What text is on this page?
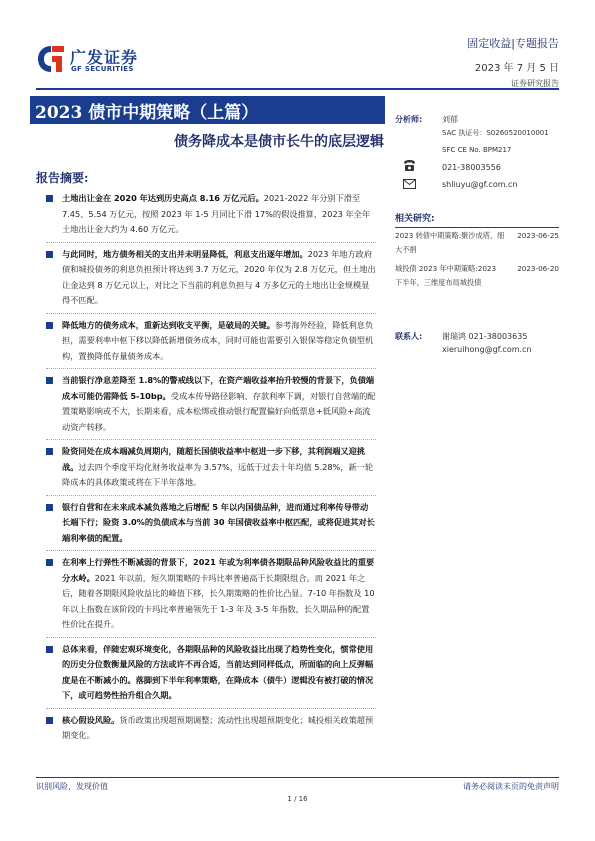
广发证券
GF SECURITIES
固定收益|专题报告
2023 年 7 月 5 日
证券研究报告
2023 债市中期策略（上篇）
债务降成本是债市长牛的底层逻辑
报告摘要:
土地出让金在 2020 年达到历史高点 8.16 万亿元后。2021-2022 年分别下滑至 7.45、5.54 万亿元，按照 2023 年 1-5 月同比下滑 17%的假设推算，2023 年全年土地出让金大约为 4.60 万亿元。
与此同时，地方债务相关的支出并未明显降低，利息支出逐年增加。2023 年地方政府债和城投债务的利息负担预计将达到 3.7 万亿元，2020 年仅为 2.8 万亿元，但土地出让金达到 8 万亿元以上，对比之下当前的利息负担与 4 万多亿元的土地出让金规模显得不匹配。
降低地方的债务成本，重新达到收支平衡，是破局的关键。参考海外经验，降低利息负担，需要利率中枢下移以降低新增债务成本，同时可能也需要引入银保等稳定负债型机构，置换降低存量债务成本。
当前银行净息差降至 1.8%的警戒线以下，在资产端收益率抬升较慢的背景下，负债端成本可能仍需降低 5-10bp。受成本传导路径影响、存款利率下调，对银行自营端的配置策略影响或不大，长期来看，成本松绑或推动银行配置偏好向低票息+低风险+高流动资产转移。
险资同处在成本端减负周期内，随超长国债收益率中枢进一步下移，其利润端又迎挑战。过去四个季度平均化财务收益率为 3.57%，远低于过去十年均值 5.28%，新一轮降成本的具体政策或将在下半年落地。
银行自营和在未来成本减负落地之后增配 5 年以内国债品种，进而通过利率传导带动长端下行；险资 3.0%的负债成本与当前 30 年国债收益率中枢匹配，或将促进其对长端利率债的配置。
在利率上行弹性不断减弱的背景下，2021 年或为利率债各期限品种风险收益比的重要分水岭。2021 年以前，短久期策略的卡玛比率普遍高于长期限组合。而 2021 年之后，随着各期限风险收益比的峰值下移，长久期策略的性价比凸显。7-10 年指数及 10 年以上指数在该阶段的卡玛比率普遍领先于 1-3 年及 3-5 年指数，长久期品种的配置性价比在提升。
总体来看，伴随宏观环境变化，各期限品种的风险收益比出现了趋势性变化，惯常使用的历史分位数衡量风险的方法或许不再合适，当前达到同样低点，所面临的向上反弹幅度是在不断减小的。落脚到下半年利率策略，在降成本（债牛）逻辑没有被打破的情况下，或可趋势性抬升组合久期。
核心假设风险。货币政策出现超预期调整；流动性出现超预期变化；城投相关政策超预期变化。
分析师: 刘郁
SAC 执证号：S0260520010001
SFC CE No. BPM217
021-38003556
shliuyu@gf.com.cn
相关研究:
2023 转债中期策略:聚沙成塔、细大不捐
2023-06-25
城投债 2023 年中期策略:2023 下半年，三维度布局城投债
2023-06-20
联系人: 谢瑞鸿 021-38003635
xieruihong@gf.com.cn
识别风险，发现价值	请务必阅读末页的免责声明
1 / 16
